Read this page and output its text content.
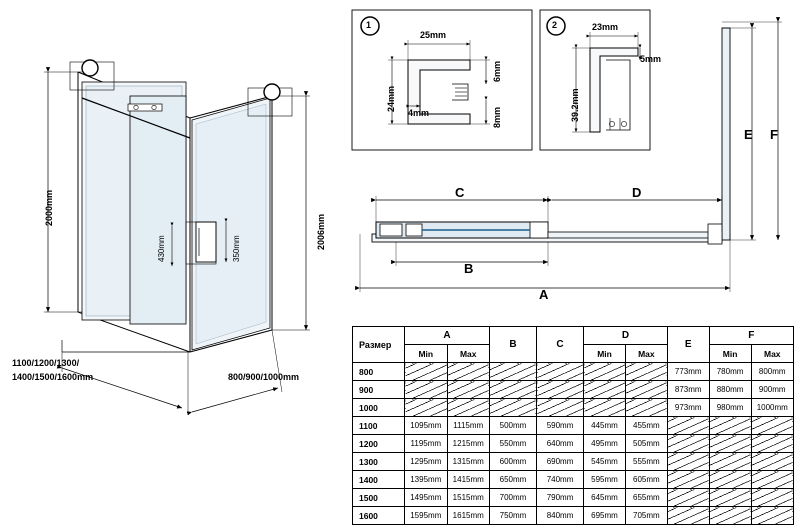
1
2
2000mm
2006mm
430mm	350mm
1100/1200/1300/
1400/1500/1600mm	800/900/1000mm
1
25mm
24mm
4mm
6mm
8mm
2	23mm
5mm
39.2mm
C	D
B
A
E F
Размер	A		B	C	D		E	F	
	Min	Max			Min	Max		Min	Max
800							773mm	780mm	800mm
900							873mm	880mm	900mm
1000							973mm	980mm	1000mm
1100	1095mm	1115mm	500mm	590mm	445mm	455mm			
1200	1195mm	1215mm	550mm	640mm	495mm	505mm			
1300	1295mm	1315mm	600mm	690mm	545mm	555mm			
1400	1395mm	1415mm	650mm	740mm	595mm	605mm			
1500	1495mm	1515mm	700mm	790mm	645mm	655mm			
1600	1595mm	1615mm	750mm	840mm	695mm	705mm			
